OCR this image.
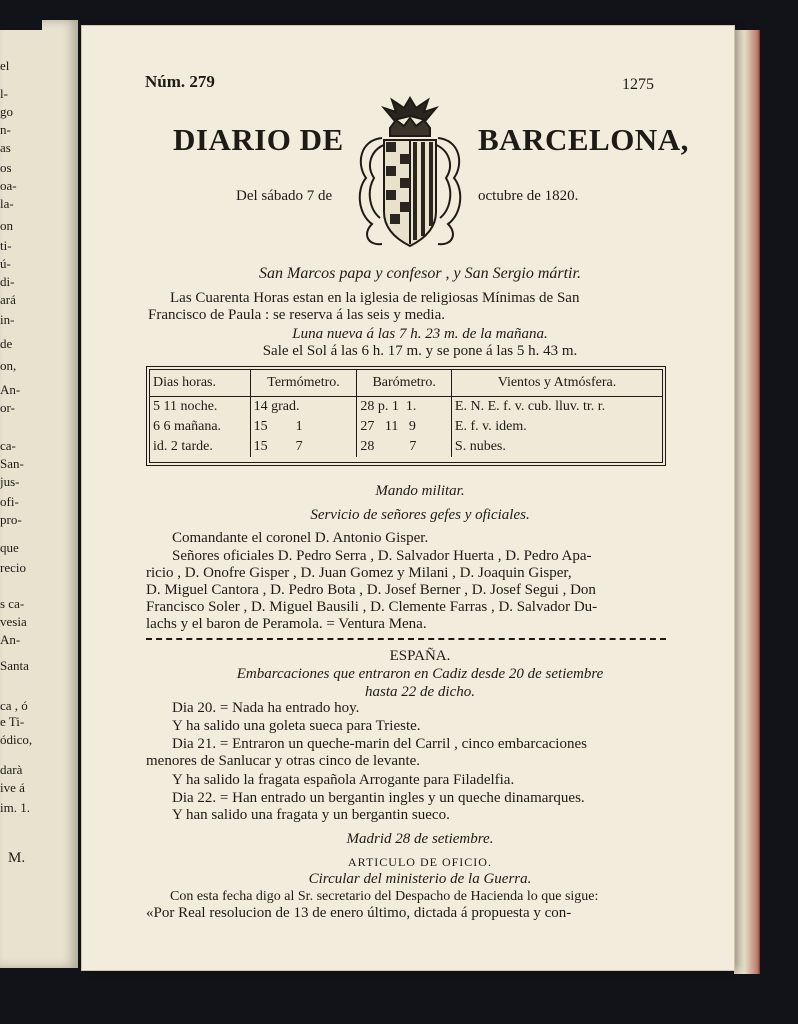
el
l-
go
n-
as
os
oa-
la-
on
ti-
ú-
di-
ará
in-
de
on,
An-
or-
ca-
San-
jus-
ofi-
pro-
que
recio
s ca-
vesia
An-
Santa
ca , ó
e Ti-
ódico,
darà
ive á
im. 1.
M.
Núm. 279	1275
DIARIO DE	BARCELONA,
Del sábado 7 de	octubre de 1820.
San Marcos papa y confesor , y San Sergio mártir.
Las Cuarenta Horas estan en la iglesia de religiosas Mínimas de San
Francisco de Paula : se reserva á las seis y media.
Luna nueva á las 7 h. 23 m. de la mañana.
Sale el Sol á las 6 h. 17 m. y se pone á las 5 h. 43 m.
Dias horas.	Termómetro.	Barómetro.	Vientos y Atmósfera.
5 11 noche.	14 grad.	28 p. 1  1.	E. N. E. f. v. cub. lluv. tr. r.
6 6 mañana.	15        1	27   11   9	E. f. v. idem.
id. 2 tarde.	15        7	28          7	S. nubes.
Mando militar.
Servicio de señores gefes y oficiales.
Comandante el coronel D. Antonio Gisper.
Señores oficiales D. Pedro Serra , D. Salvador Huerta , D. Pedro Apa-
ricio , D. Onofre Gisper , D. Juan Gomez y Milani , D. Joaquin Gisper,
D. Miguel Cantora , D. Pedro Bota , D. Josef Berner , D. Josef Segui , Don
Francisco Soler , D. Miguel Bausili , D. Clemente Farras , D. Salvador Du-
lachs y el baron de Peramola. = Ventura Mena.
ESPAÑA.
Embarcaciones que entraron en Cadiz desde 20 de setiembre
hasta 22 de dicho.
Dia 20. = Nada ha entrado hoy.
Y ha salido una goleta sueca para Trieste.
Dia 21. = Entraron un queche-marin del Carril , cinco embarcaciones
menores de Sanlucar y otras cinco de levante.
Y ha salido la fragata española Arrogante para Filadelfia.
Dia 22. = Han entrado un bergantin ingles y un queche dinamarques.
Y han salido una fragata y un bergantin sueco.
Madrid 28 de setiembre.
ARTICULO DE OFICIO.
Circular del ministerio de la Guerra.
Con esta fecha digo al Sr. secretario del Despacho de Hacienda lo que sigue:
«Por Real resolucion de 13 de enero último, dictada á propuesta y con-
